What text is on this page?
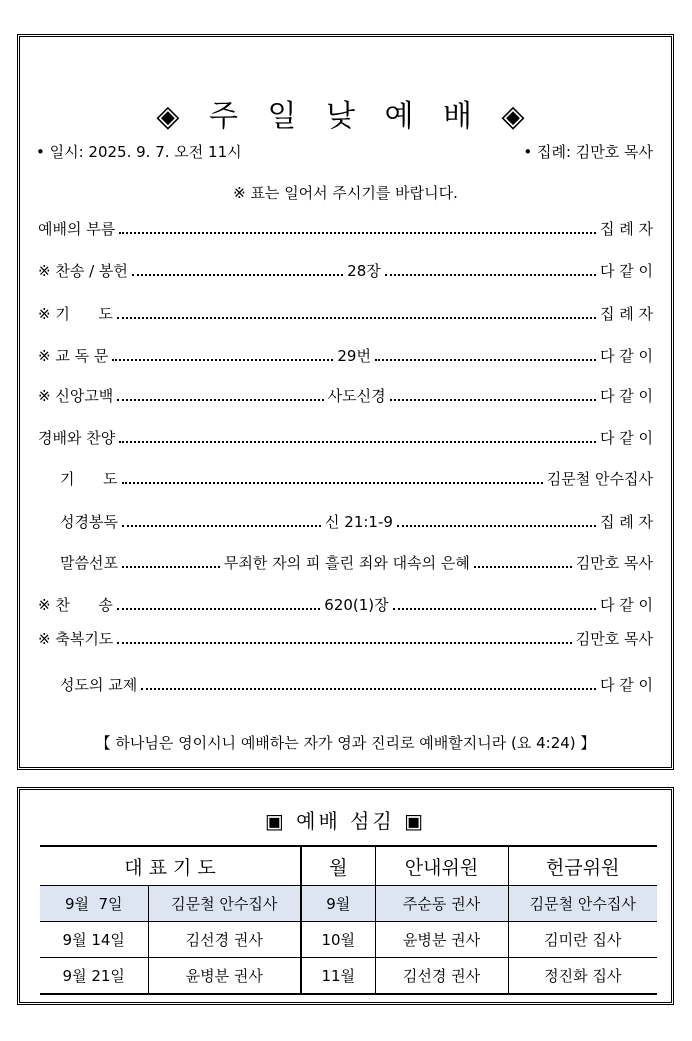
◈ 주 일 낮 예 배 ◈
• 일시: 2025. 9. 7. 오전 11시	• 집례: 김만호 목사
※ 표는 일어서 주시기를 바랍니다.
예배의 부름	집 례 자
※ 찬송 / 봉헌	28장	다 같 이
※ 기      도	집 례 자
※ 교 독 문	29번	다 같 이
※ 신앙고백	사도신경	다 같 이
경배와 찬양	다 같 이
기      도	김문철 안수집사
성경봉독	신 21:1-9	집 례 자
말씀선포	무죄한 자의 피 흘린 죄와 대속의 은혜	김만호 목사
※ 찬      송	620(1)장	다 같 이
※ 축복기도	김만호 목사
성도의 교제	다 같 이
【 하나님은 영이시니 예배하는 자가 영과 진리로 예배할지니라 (요 4:24) 】
▣ 예배 섬김 ▣
대 표 기 도		월	안내위원	헌금위원
9월  7일	김문철 안수집사	9월	주순동 권사	김문철 안수집사
9월 14일	김선경 권사	10월	윤병분 권사	김미란 집사
9월 21일	윤병분 권사	11월	김선경 권사	정진화 집사
